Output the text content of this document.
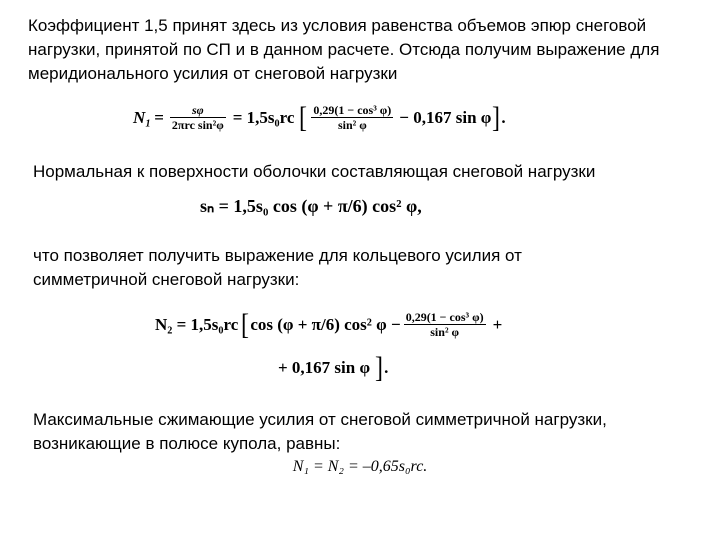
Коэффициент 1,5 принят здесь из условия равенства объемов эпюр снеговой нагрузки, принятой по СП и в данном расчете. Отсюда получим выражение для меридионального усилия от снеговой нагрузки

$N_1 = \frac{s\varphi}{\text{2πrc sin²φ}} = 1,5s_0rc$ [ $\frac{\text{0,29(1 − cos³ φ)}}{\text{sin² φ}} - 0,167$ sin φ ] .

Нормальная к поверхности оболочки составляющая снеговой нагрузки

sₙ = 1,5s₀ cos (φ + π/6) cos² φ,

что позволяет получить выражение для кольцевого усилия от симметричной снеговой нагрузки:

N₂ = 1,5s₀rc [ cos (φ + π/6) cos² $\varphi - \frac{\text{0,29(1 − cos³ φ)}}{\text{sin² φ}}$ +
+ 0,167 sin φ ] .

Максимальные сжимающие усилия от снеговой симметричной нагрузки, возникающие в полюсе купола, равны:

N₁ = N₂ = –0,65s₀rc.
